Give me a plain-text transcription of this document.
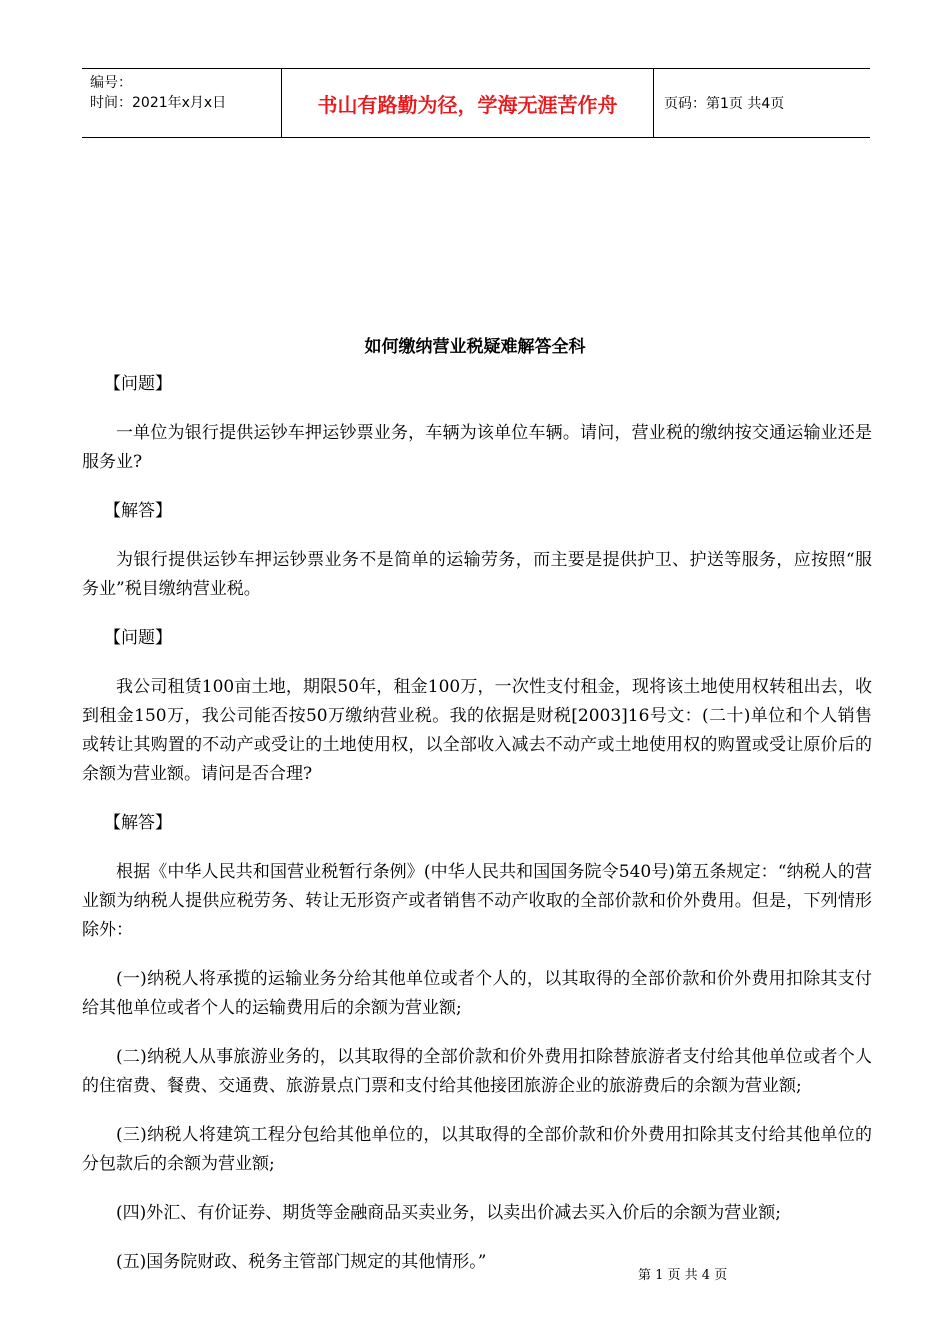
编号：
时间：2021年x月x日	书山有路勤为径，学海无涯苦作舟	页码：第1页 共4页
如何缴纳营业税疑难解答全科
【问题】
一单位为银行提供运钞车押运钞票业务，车辆为该单位车辆。请问，营业税的缴纳按交通运输业还是服务业?
【解答】
为银行提供运钞车押运钞票业务不是简单的运输劳务，而主要是提供护卫、护送等服务，应按照“服务业”税目缴纳营业税。
【问题】
我公司租赁100亩土地，期限50年，租金100万，一次性支付租金，现将该土地使用权转租出去，收到租金150万，我公司能否按50万缴纳营业税。我的依据是财税[2003]16号文：(二十)单位和个人销售或转让其购置的不动产或受让的土地使用权，以全部收入减去不动产或土地使用权的购置或受让原价后的余额为营业额。请问是否合理?
【解答】
根据《中华人民共和国营业税暂行条例》(中华人民共和国国务院令540号)第五条规定：“纳税人的营业额为纳税人提供应税劳务、转让无形资产或者销售不动产收取的全部价款和价外费用。但是，下列情形除外：
(一)纳税人将承揽的运输业务分给其他单位或者个人的，以其取得的全部价款和价外费用扣除其支付给其他单位或者个人的运输费用后的余额为营业额;
(二)纳税人从事旅游业务的，以其取得的全部价款和价外费用扣除替旅游者支付给其他单位或者个人的住宿费、餐费、交通费、旅游景点门票和支付给其他接团旅游企业的旅游费后的余额为营业额;
(三)纳税人将建筑工程分包给其他单位的，以其取得的全部价款和价外费用扣除其支付给其他单位的分包款后的余额为营业额;
(四)外汇、有价证券、期货等金融商品买卖业务，以卖出价减去买入价后的余额为营业额;
(五)国务院财政、税务主管部门规定的其他情形。”
第 1 页 共 4 页
